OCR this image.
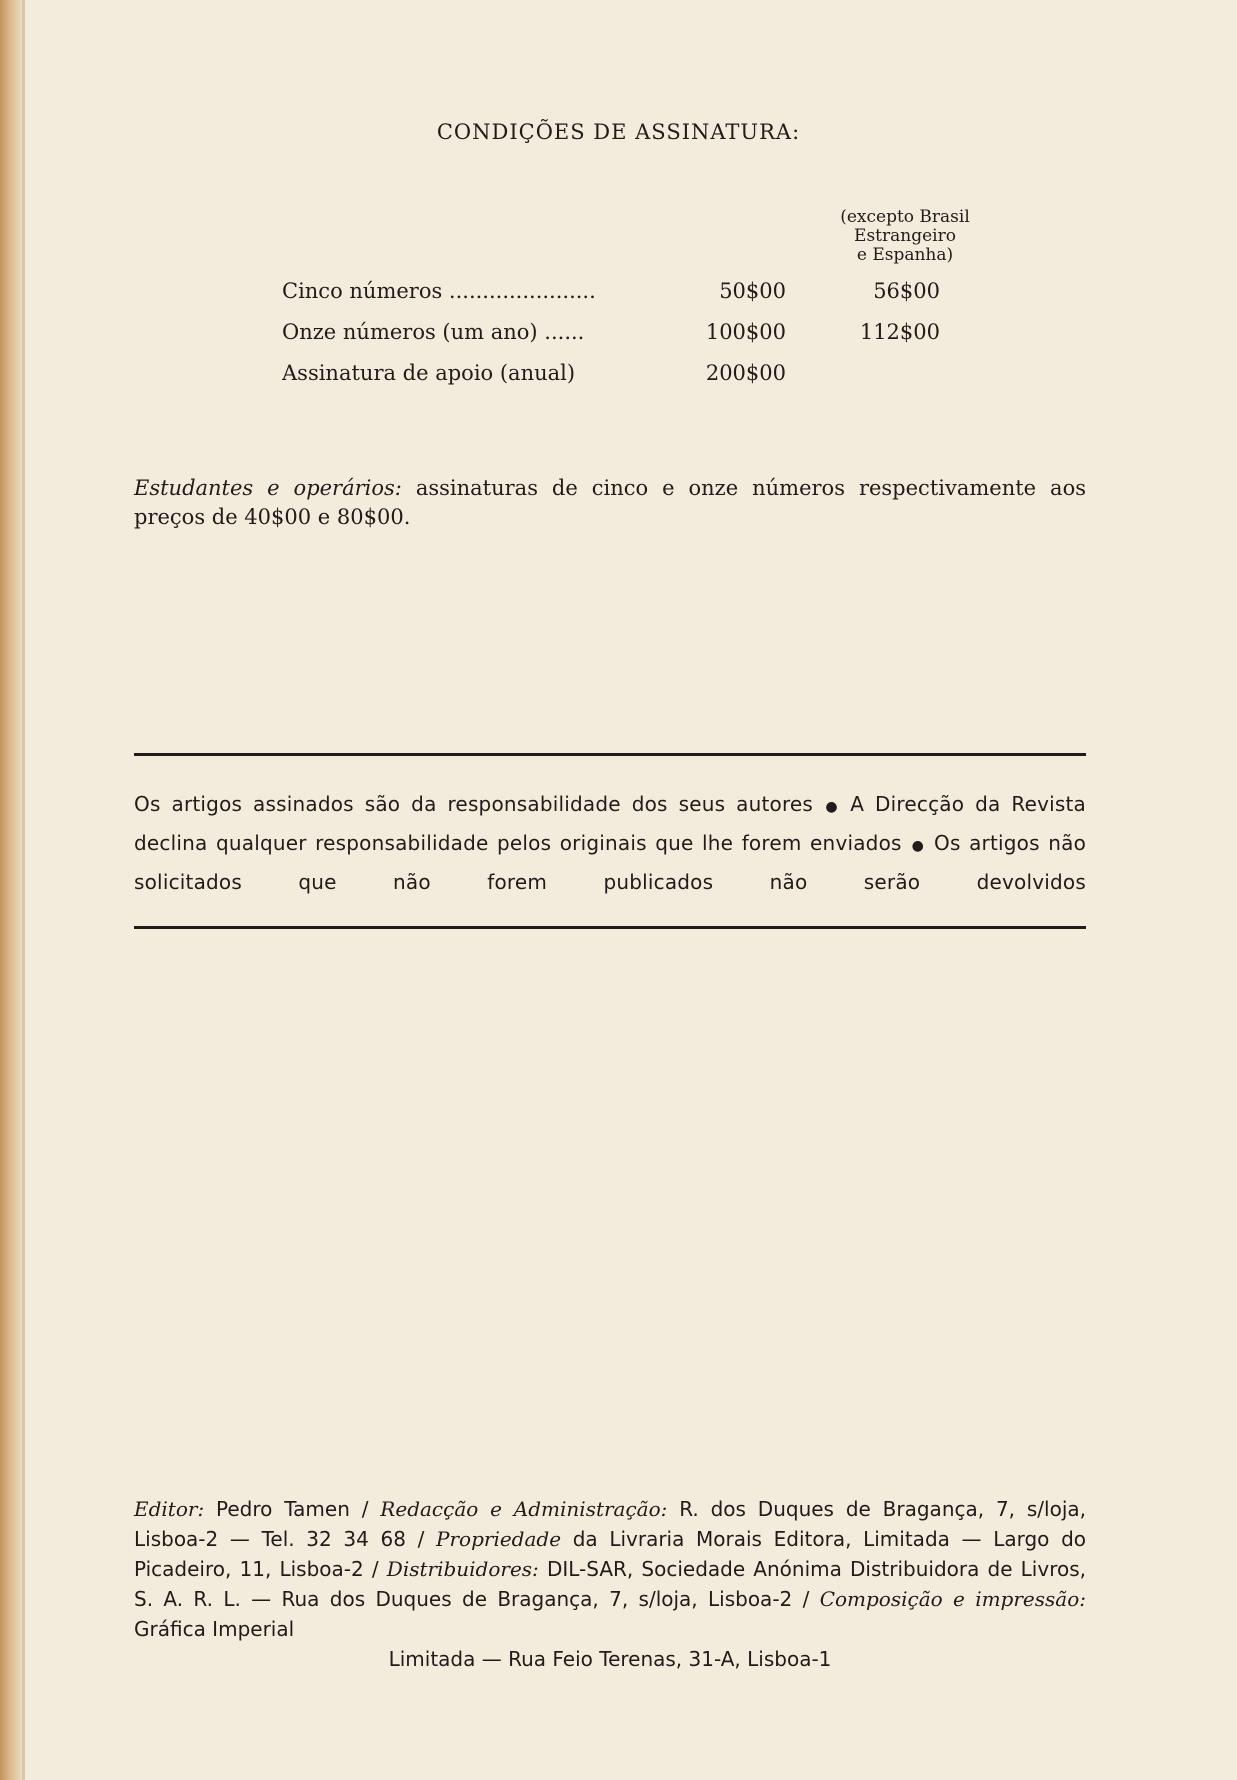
CONDIÇÕES DE ASSINATURA:
(excepto Brasil
Estrangeiro
e Espanha)
Cinco números ......................	50$00	56$00
Onze números (um ano) ......	100$00	112$00
Assinatura de apoio (anual)	200$00
Estudantes e operários: assinaturas de cinco e onze números respectivamente aos preços de 40$00 e 80$00.
Os artigos assinados são da responsabilidade dos seus autores ● A Direcção da Revista declina qualquer responsabilidade pelos originais que lhe forem enviados ● Os artigos não solicitados que não forem publicados não serão devolvidos
Editor: Pedro Tamen / Redacção e Administração: R. dos Duques de Bragança, 7, s/loja, Lisboa-2 — Tel. 32 34 68 / Propriedade da Livraria Morais Editora, Limitada — Largo do Picadeiro, 11, Lisboa-2 / Distribuidores: DIL-SAR, Sociedade Anónima Distribuidora de Livros, S. A. R. L. — Rua dos Duques de Bragança, 7, s/loja, Lisboa-2 / Composição e impressão: Gráfica Imperial
Limitada — Rua Feio Terenas, 31-A, Lisboa-1
